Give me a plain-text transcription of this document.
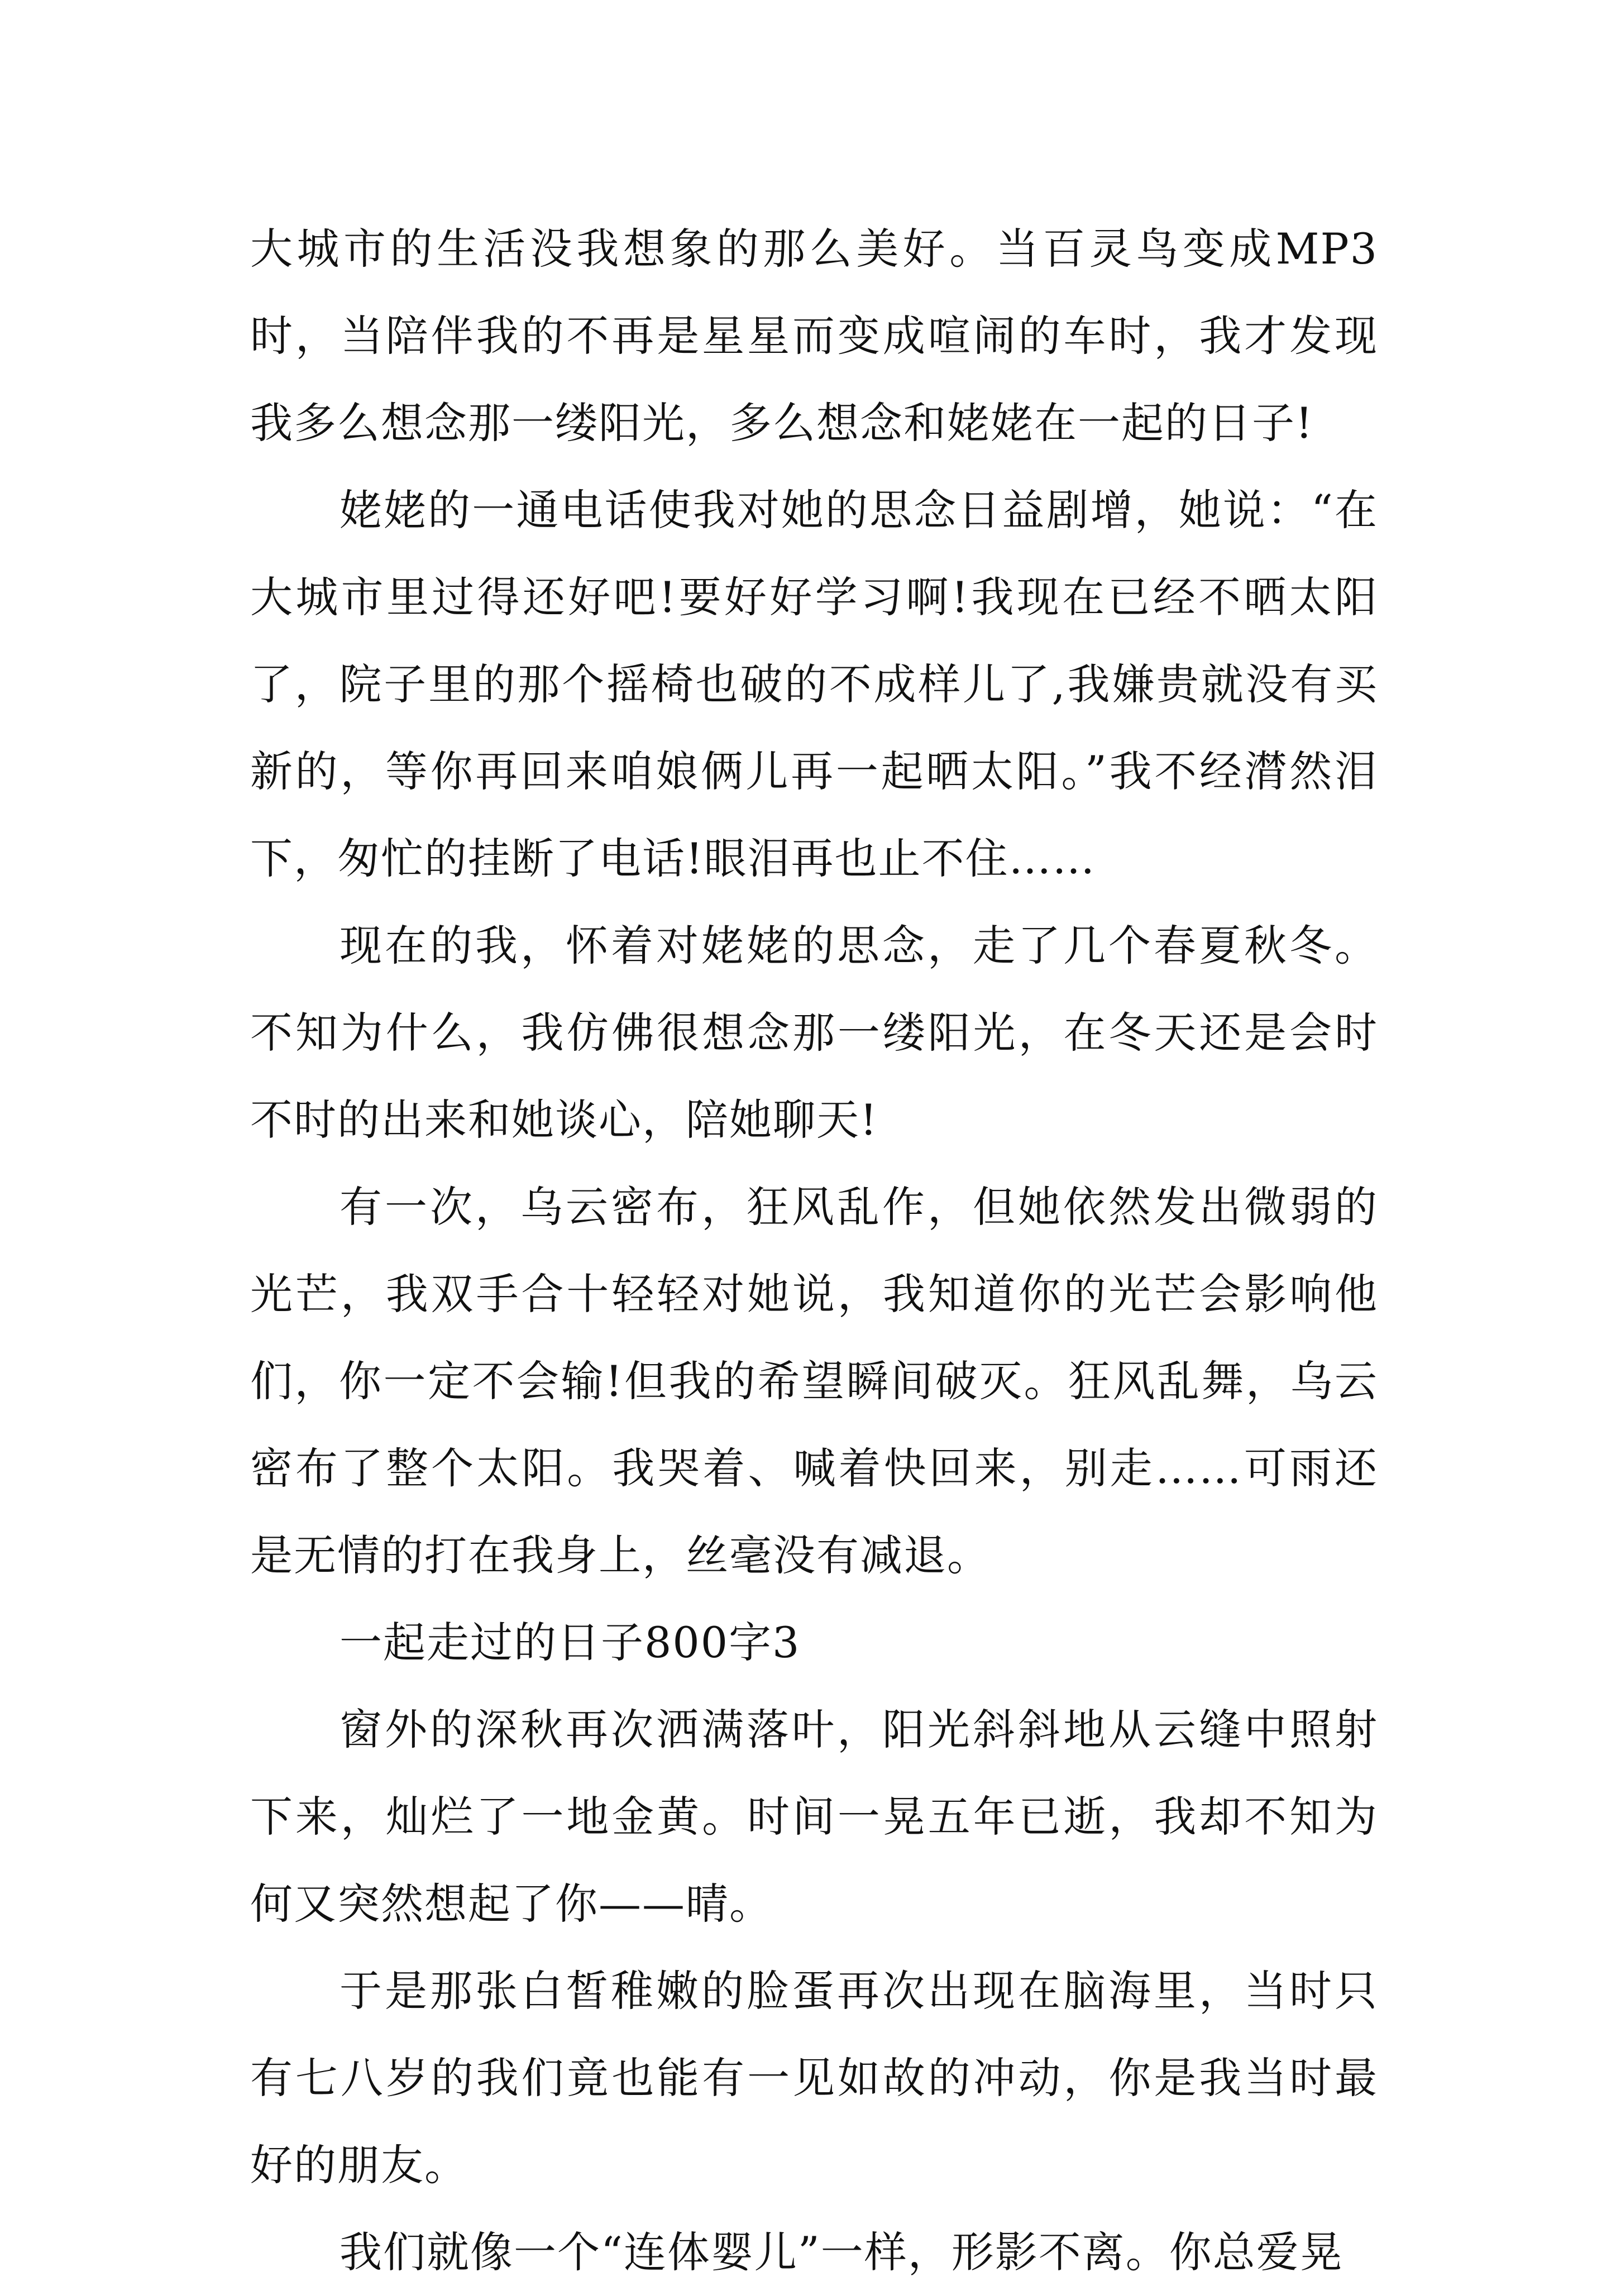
大城市的生活没我想象的那么美好。当百灵鸟变成MP3时，当陪伴我的不再是星星而变成喧闹的车时，我才发现我多么想念那一缕阳光，多么想念和姥姥在一起的日子!

姥姥的一通电话使我对她的思念日益剧增，她说：“在大城市里过得还好吧!要好好学习啊!我现在已经不晒太阳了，院子里的那个摇椅也破的不成样儿了,我嫌贵就没有买新的，等你再回来咱娘俩儿再一起晒太阳。”我不经潸然泪下，匆忙的挂断了电话!眼泪再也止不住……

现在的我，怀着对姥姥的思念，走了几个春夏秋冬。不知为什么，我仿佛很想念那一缕阳光，在冬天还是会时不时的出来和她谈心，陪她聊天!

有一次，乌云密布，狂风乱作，但她依然发出微弱的光芒，我双手合十轻轻对她说，我知道你的光芒会影响他们，你一定不会输!但我的希望瞬间破灭。狂风乱舞，乌云密布了整个太阳。我哭着、喊着快回来，别走……可雨还是无情的打在我身上，丝毫没有减退。

一起走过的日子800字3

窗外的深秋再次洒满落叶，阳光斜斜地从云缝中照射下来，灿烂了一地金黄。时间一晃五年已逝，我却不知为何又突然想起了你——晴。

于是那张白皙稚嫩的脸蛋再次出现在脑海里，当时只有七八岁的我们竟也能有一见如故的冲动，你是我当时最好的朋友。

我们就像一个“连体婴儿”一样，形影不离。你总爱晃
